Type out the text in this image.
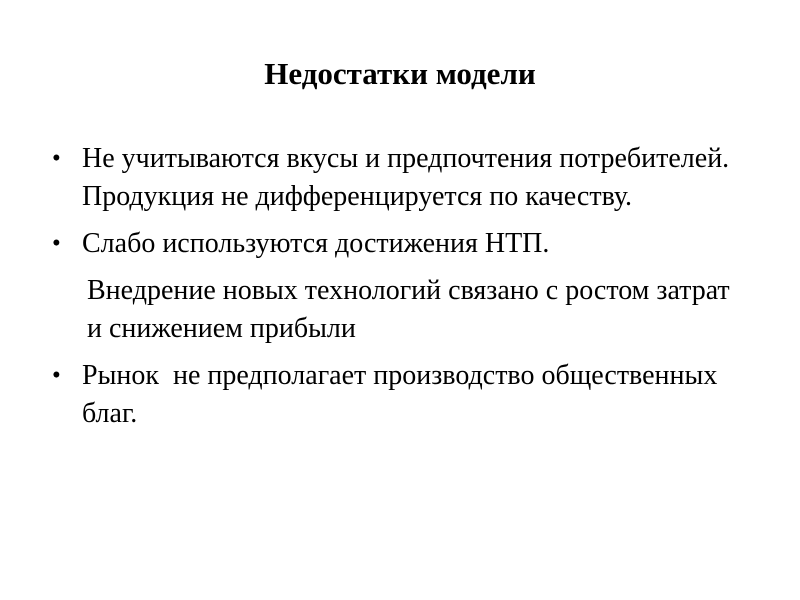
Недостатки модели
• Не учитываются вкусы и предпочтения потребителей. Продукция не дифференцируется по качеству.
• Слабо используются достижения НТП.
Внедрение новых технологий связано с ростом затрат и снижением прибыли
• Рынок  не предполагает производство общественных благ.
